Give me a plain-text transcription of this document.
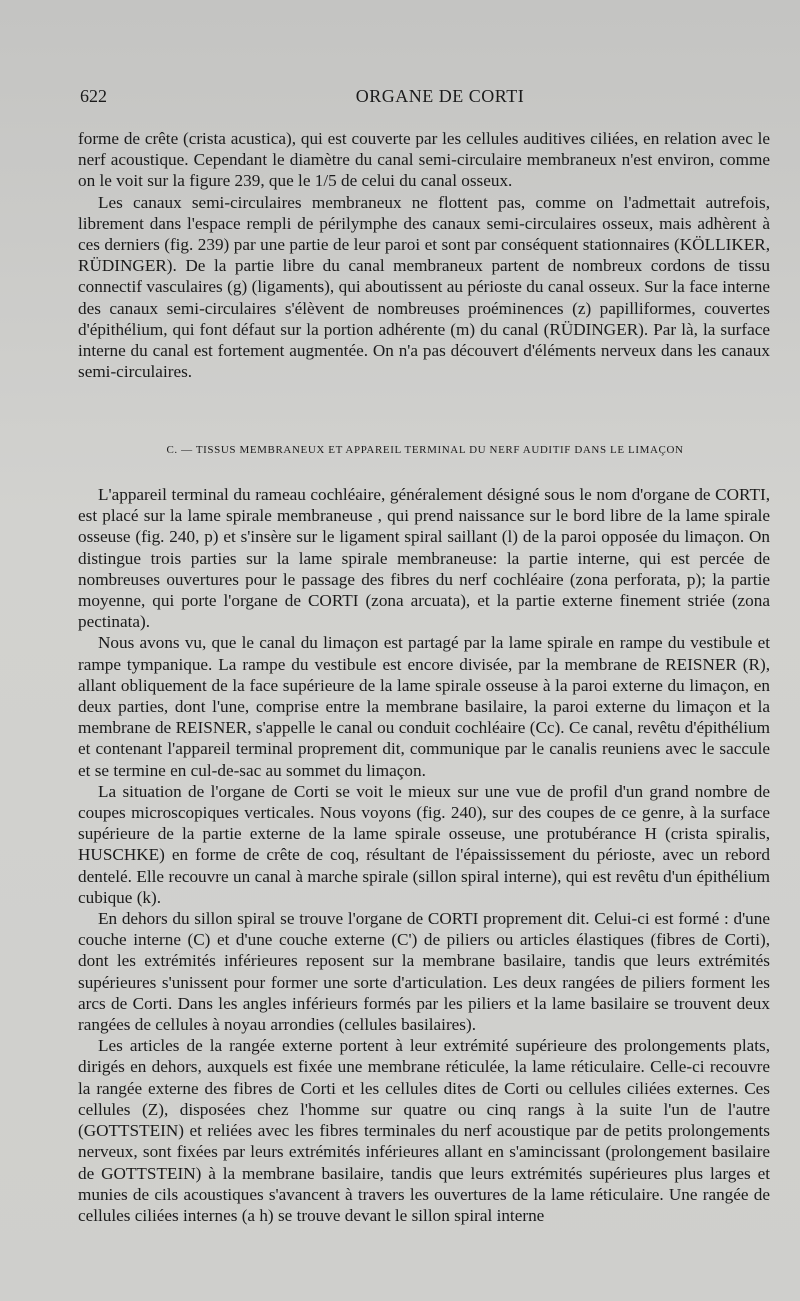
622	ORGANE DE CORTI

forme de crête (crista acustica), qui est couverte par les cellules auditives ciliées, en relation avec le nerf acoustique. Cependant le diamètre du canal semi-circulaire membraneux n'est environ, comme on le voit sur la figure 239, que le 1/5 de celui du canal osseux.

Les canaux semi-circulaires membraneux ne flottent pas, comme on l'admettait autrefois, librement dans l'espace rempli de périlymphe des canaux semi-circulaires osseux, mais adhèrent à ces derniers (fig. 239) par une partie de leur paroi et sont par conséquent stationnaires (KÖLLIKER, RÜDINGER). De la partie libre du canal membraneux partent de nombreux cordons de tissu connectif vasculaires (g) (ligaments), qui aboutissent au périoste du canal osseux. Sur la face interne des canaux semi-circulaires s'élèvent de nombreuses proéminences (z) papilliformes, couvertes d'épithélium, qui font défaut sur la portion adhérente (m) du canal (RÜDINGER). Par là, la surface interne du canal est fortement augmentée. On n'a pas découvert d'éléments nerveux dans les canaux semi-circulaires.

C. — TISSUS MEMBRANEUX ET APPAREIL TERMINAL DU NERF AUDITIF DANS LE LIMAÇON

L'appareil terminal du rameau cochléaire, généralement désigné sous le nom d'organe de CORTI, est placé sur la lame spirale membraneuse , qui prend naissance sur le bord libre de la lame spirale osseuse (fig. 240, p) et s'insère sur le ligament spiral saillant (l) de la paroi opposée du limaçon. On distingue trois parties sur la lame spirale membraneuse: la partie interne, qui est percée de nombreuses ouvertures pour le passage des fibres du nerf cochléaire (zona perforata, p); la partie moyenne, qui porte l'organe de CORTI (zona arcuata), et la partie externe finement striée (zona pectinata).

Nous avons vu, que le canal du limaçon est partagé par la lame spirale en rampe du vestibule et rampe tympanique. La rampe du vestibule est encore divisée, par la membrane de REISNER (R), allant obliquement de la face supérieure de la lame spirale osseuse à la paroi externe du limaçon, en deux parties, dont l'une, comprise entre la membrane basilaire, la paroi externe du limaçon et la membrane de REISNER, s'appelle le canal ou conduit cochléaire (Cc). Ce canal, revêtu d'épithélium et contenant l'appareil terminal proprement dit, communique par le canalis reuniens avec le saccule et se termine en cul-de-sac au sommet du limaçon.

La situation de l'organe de Corti se voit le mieux sur une vue de profil d'un grand nombre de coupes microscopiques verticales. Nous voyons (fig. 240), sur des coupes de ce genre, à la surface supérieure de la partie externe de la lame spirale osseuse, une protubérance H (crista spiralis, HUSCHKE) en forme de crête de coq, résultant de l'épaississement du périoste, avec un rebord dentelé. Elle recouvre un canal à marche spirale (sillon spiral interne), qui est revêtu d'un épithélium cubique (k).

En dehors du sillon spiral se trouve l'organe de CORTI proprement dit. Celui-ci est formé : d'une couche interne (C) et d'une couche externe (C') de piliers ou articles élastiques (fibres de Corti), dont les extrémités inférieures reposent sur la membrane basilaire, tandis que leurs extrémités supérieures s'unissent pour former une sorte d'articulation. Les deux rangées de piliers forment les arcs de Corti. Dans les angles inférieurs formés par les piliers et la lame basilaire se trouvent deux rangées de cellules à noyau arrondies (cellules basilaires).

Les articles de la rangée externe portent à leur extrémité supérieure des prolongements plats, dirigés en dehors, auxquels est fixée une membrane réticulée, la lame réticulaire. Celle-ci recouvre la rangée externe des fibres de Corti et les cellules dites de Corti ou cellules ciliées externes. Ces cellules (Z), disposées chez l'homme sur quatre ou cinq rangs à la suite l'un de l'autre (GOTTSTEIN) et reliées avec les fibres terminales du nerf acoustique par de petits prolongements nerveux, sont fixées par leurs extrémités inférieures allant en s'amincissant (prolongement basilaire de GOTTSTEIN) à la membrane basilaire, tandis que leurs extrémités supérieures plus larges et munies de cils acoustiques s'avancent à travers les ouvertures de la lame réticulaire. Une rangée de cellules ciliées internes (a h) se trouve devant le sillon spiral interne
